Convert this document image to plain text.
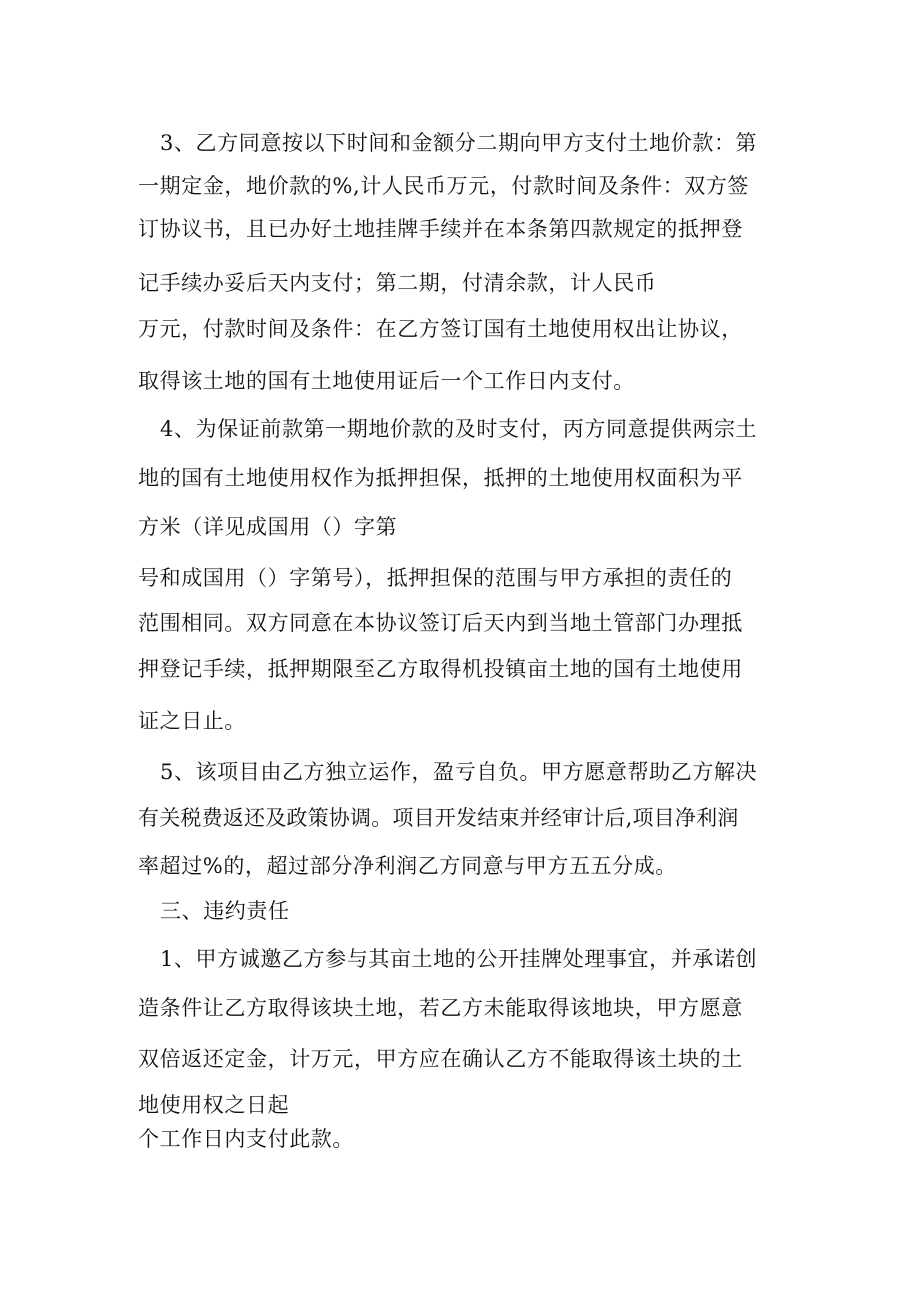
3、乙方同意按以下时间和金额分二期向甲方支付土地价款：第

一期定金，地价款的%,计人民币万元，付款时间及条件：双方签

订协议书，且已办好土地挂牌手续并在本条第四款规定的抵押登

记手续办妥后天内支付；第二期，付清余款，计人民币

万元，付款时间及条件：在乙方签订国有土地使用权出让协议，

取得该土地的国有土地使用证后一个工作日内支付。

4、为保证前款第一期地价款的及时支付，丙方同意提供两宗土

地的国有土地使用权作为抵押担保，抵押的土地使用权面积为平

方米（详见成国用（）字第

号和成国用（）字第号），抵押担保的范围与甲方承担的责任的

范围相同。双方同意在本协议签订后天内到当地土管部门办理抵

押登记手续，抵押期限至乙方取得机投镇亩土地的国有土地使用

证之日止。

5、该项目由乙方独立运作，盈亏自负。甲方愿意帮助乙方解决

有关税费返还及政策协调。项目开发结束并经审计后,项目净利润

率超过%的，超过部分净利润乙方同意与甲方五五分成。

三、违约责任

1、甲方诚邀乙方参与其亩土地的公开挂牌处理事宜，并承诺创

造条件让乙方取得该块土地，若乙方未能取得该地块，甲方愿意

双倍返还定金，计万元，甲方应在确认乙方不能取得该土块的土

地使用权之日起

个工作日内支付此款。
